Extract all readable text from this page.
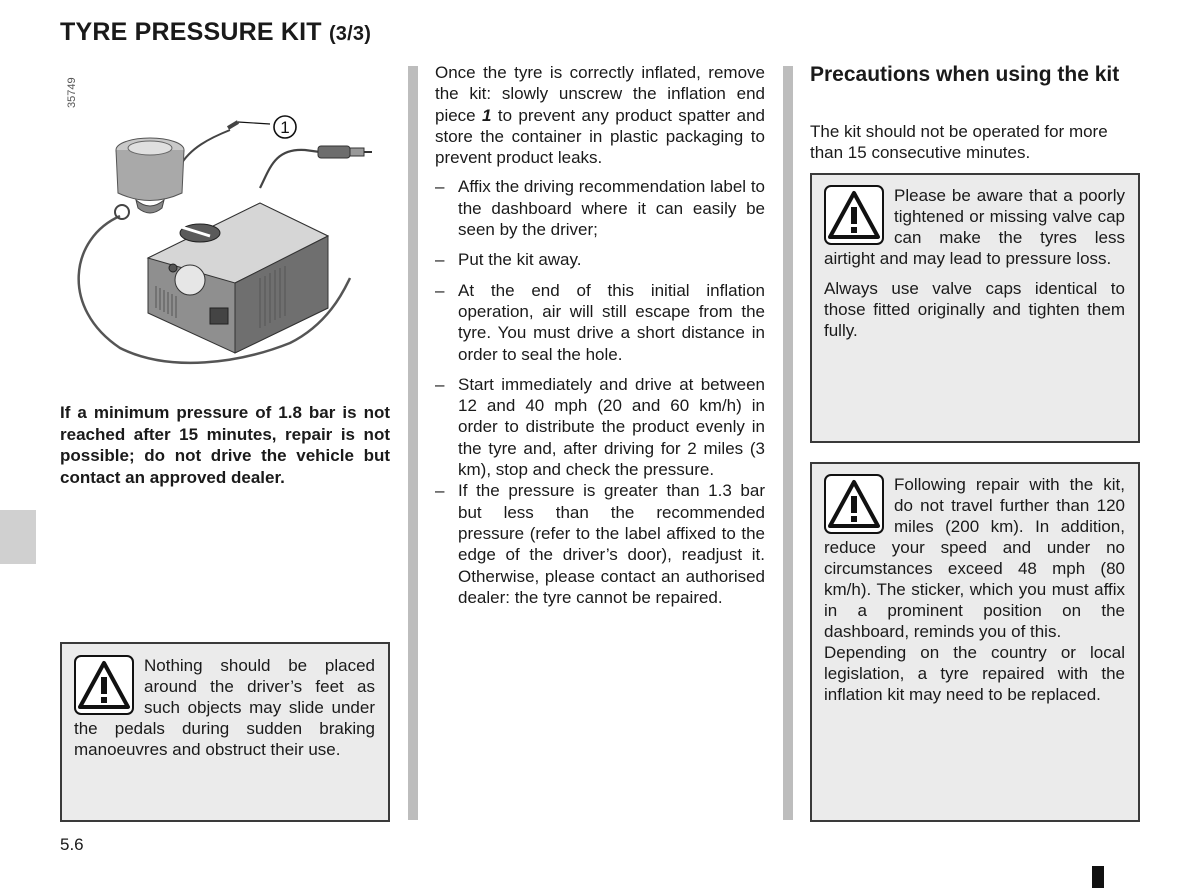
TYRE PRESSURE KIT (3/3)
35749
1

If a minimum pressure of 1.8 bar is not reached after 15 minutes, repair is not possible; do not drive the vehicle but contact an approved dealer.

Nothing should be placed around the driver’s feet as such objects may slide under the pedals during sudden braking manoeuvres and obstruct their use.

Once the tyre is correctly inflated, remove the kit: slowly unscrew the inflation end piece 1 to prevent any product spatter and store the container in plastic packaging to prevent product leaks.

– Affix the driving recommendation label to the dashboard where it can easily be seen by the driver;
– Put the kit away.
– At the end of this initial inflation operation, air will still escape from the tyre. You must drive a short distance in order to seal the hole.
– Start immediately and drive at between 12 and 40 mph (20 and 60 km/h) in order to distribute the product evenly in the tyre and, after driving for 2 miles (3 km), stop and check the pressure.
– If the pressure is greater than 1.3 bar but less than the recommended pressure (refer to the label affixed to the edge of the driver’s door), readjust it. Otherwise, please contact an authorised dealer: the tyre cannot be repaired.
Precautions when using the kit

The kit should not be operated for more than 15 consecutive minutes.

Please be aware that a poorly tightened or missing valve cap can make the tyres less airtight and may lead to pressure loss.

Always use valve caps identical to those fitted originally and tighten them fully.

Following repair with the kit, do not travel further than 120 miles (200 km). In addition, reduce your speed and under no circumstances exceed 48 mph (80 km/h). The sticker, which you must affix in a prominent position on the dashboard, reminds you of this.

Depending on the country or local legislation, a tyre repaired with the inflation kit may need to be replaced.

5.6
